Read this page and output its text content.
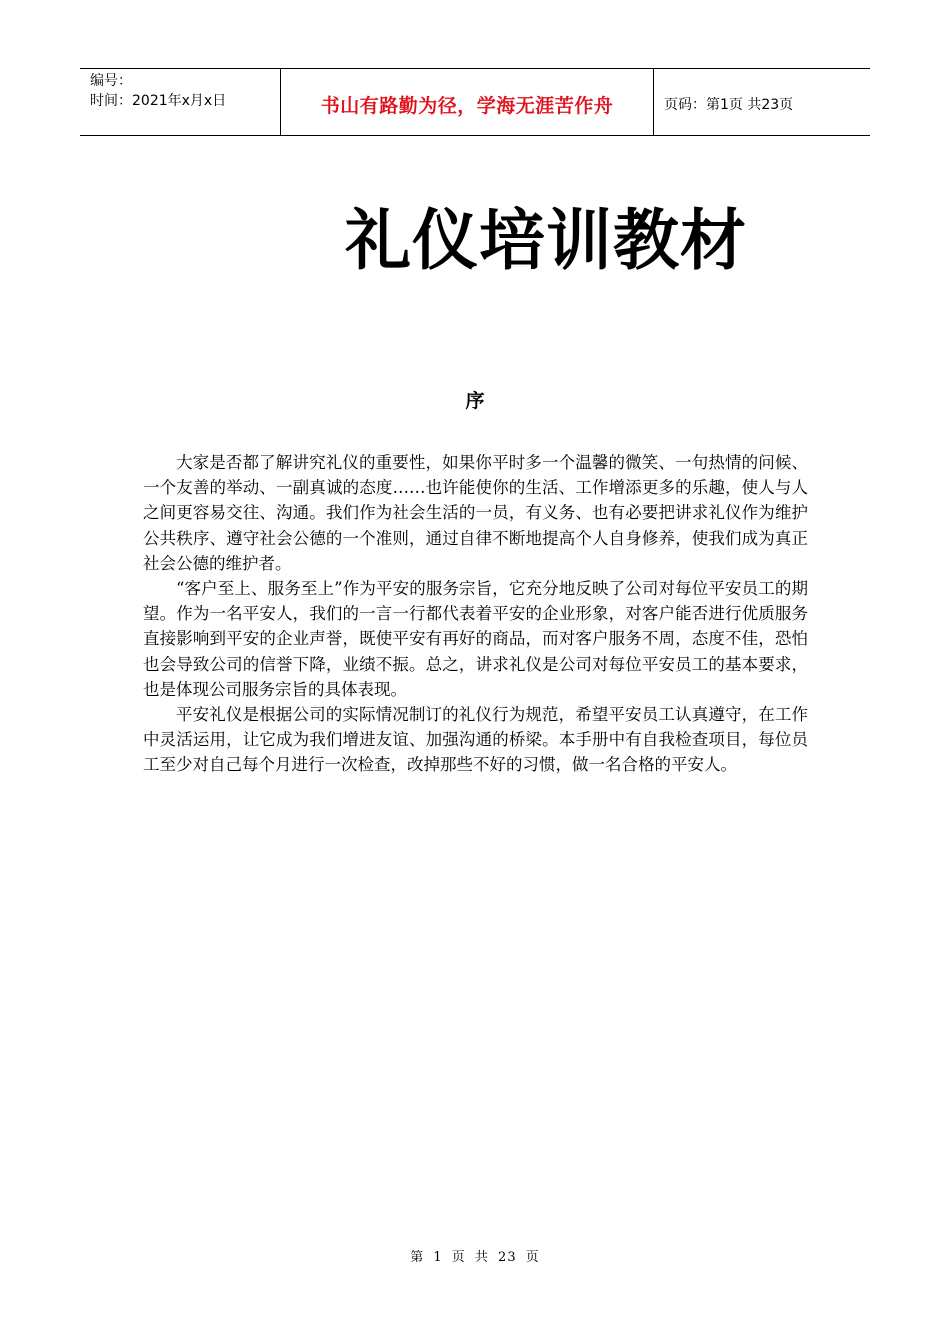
编号：
时间：2021年x月x日	书山有路勤为径，学海无涯苦作舟	页码：第1页 共23页
礼仪培训教材
序

大家是否都了解讲究礼仪的重要性，如果你平时多一个温馨的微笑、一句热情的问候、一个友善的举动、一副真诚的态度……也许能使你的生活、工作增添更多的乐趣，使人与人之间更容易交往、沟通。我们作为社会生活的一员，有义务、也有必要把讲求礼仪作为维护公共秩序、遵守社会公德的一个准则，通过自律不断地提高个人自身修养，使我们成为真正社会公德的维护者。

“客户至上、服务至上”作为平安的服务宗旨，它充分地反映了公司对每位平安员工的期望。作为一名平安人，我们的一言一行都代表着平安的企业形象，对客户能否进行优质服务直接影响到平安的企业声誉，既使平安有再好的商品，而对客户服务不周，态度不佳，恐怕也会导致公司的信誉下降，业绩不振。总之，讲求礼仪是公司对每位平安员工的基本要求，也是体现公司服务宗旨的具体表现。

平安礼仪是根据公司的实际情况制订的礼仪行为规范，希望平安员工认真遵守，在工作中灵活运用，让它成为我们增进友谊、加强沟通的桥梁。本手册中有自我检查项目，每位员工至少对自己每个月进行一次检查，改掉那些不好的习惯，做一名合格的平安人。

第 1 页 共 23 页
